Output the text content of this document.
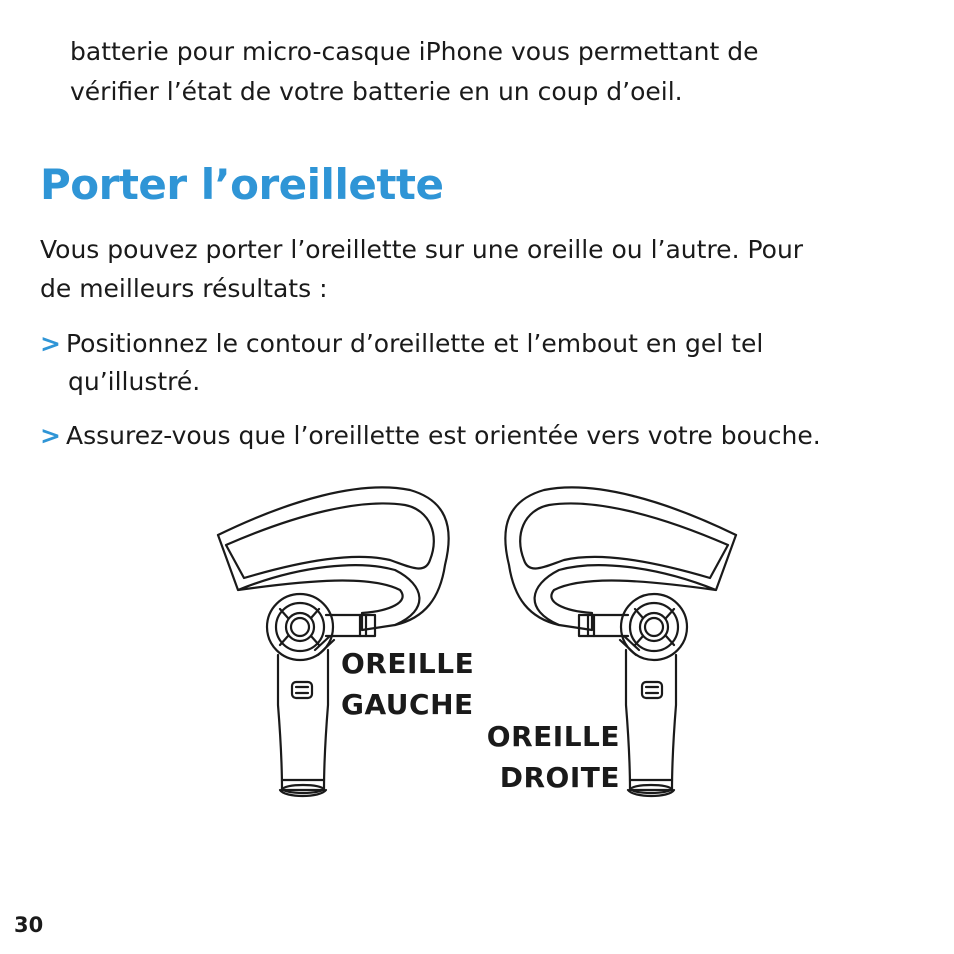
batterie pour micro-casque iPhone vous permettant de
vérifier l’état de votre batterie en un coup d’oeil.
Porter l’oreillette
Vous pouvez porter l’oreillette sur une oreille ou l’autre. Pour
de meilleurs résultats :
> Positionnez le contour d’oreillette et l’embout en gel tel
qu’illustré.
> Assurez-vous que l’oreillette est orientée vers votre bouche.
OREILLE
GAUCHE
OREILLE
DROITE
30
